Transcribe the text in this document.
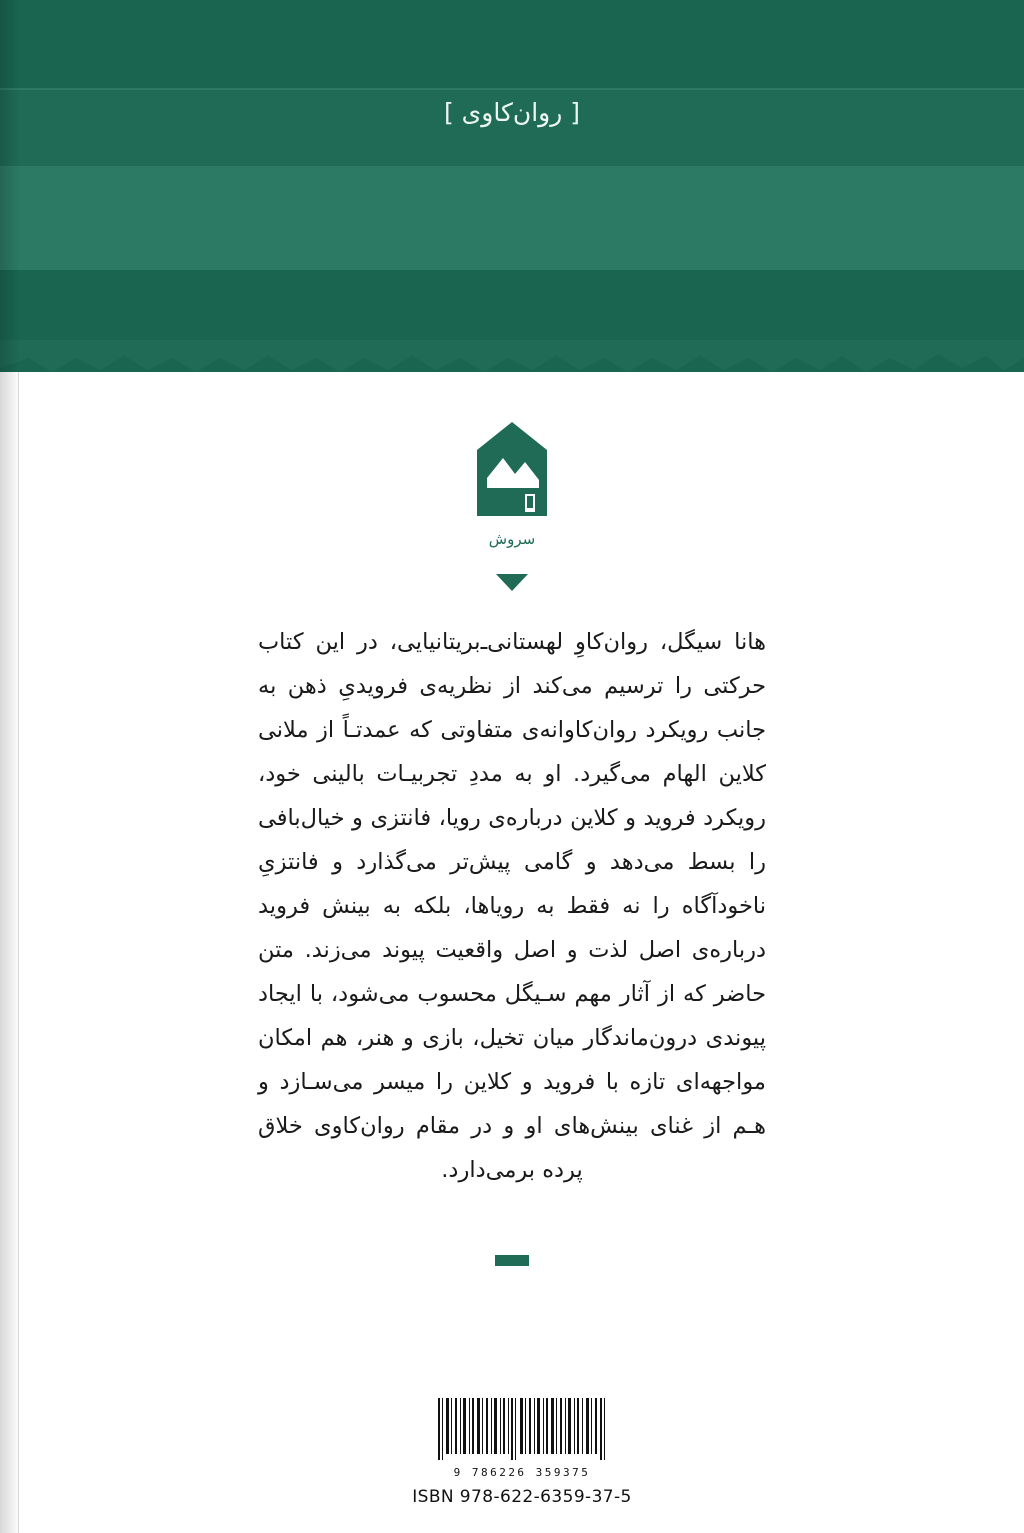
[ روان‌کاوی ]
سروش

هانا سیگل، روان‌کاوِ لهستانی‌ـ‌بریتانیایی، در این کتاب حرکتی را ترسیم می‌کند از نظریه‌ی فرویدیِ ذهن به جانب رویکرد روان‌کاوانه‌ی متفاوتی که عمدتـاً از ملانی کلاین الهام می‌گیرد. او به مددِ تجربیـات بالینی خود، رویکرد فروید و کلاین درباره‌ی رویا، فانتزی و خیال‌بافی را بسط می‌دهد و گامی پیش‌تر می‌گذارد و فانتزیِ ناخودآگاه را نه فقط به رویاها، بلکه به بینش فروید درباره‌ی اصل لذت و اصل واقعیت پیوند می‌زند. متن حاضر که از آثار مهم سـیگل محسوب می‌شود، با ایجاد پیوندی درون‌ماندگار میان تخیل، بازی و هنر، هم امکان مواجهه‌ای تازه با فروید و کلاین را میسر می‌سـازد و هـم از غنای بینش‌های او و در مقام روان‌کاوی خلاق پرده برمی‌دارد.

9 786226 359375
ISBN 978-622-6359-37-5
